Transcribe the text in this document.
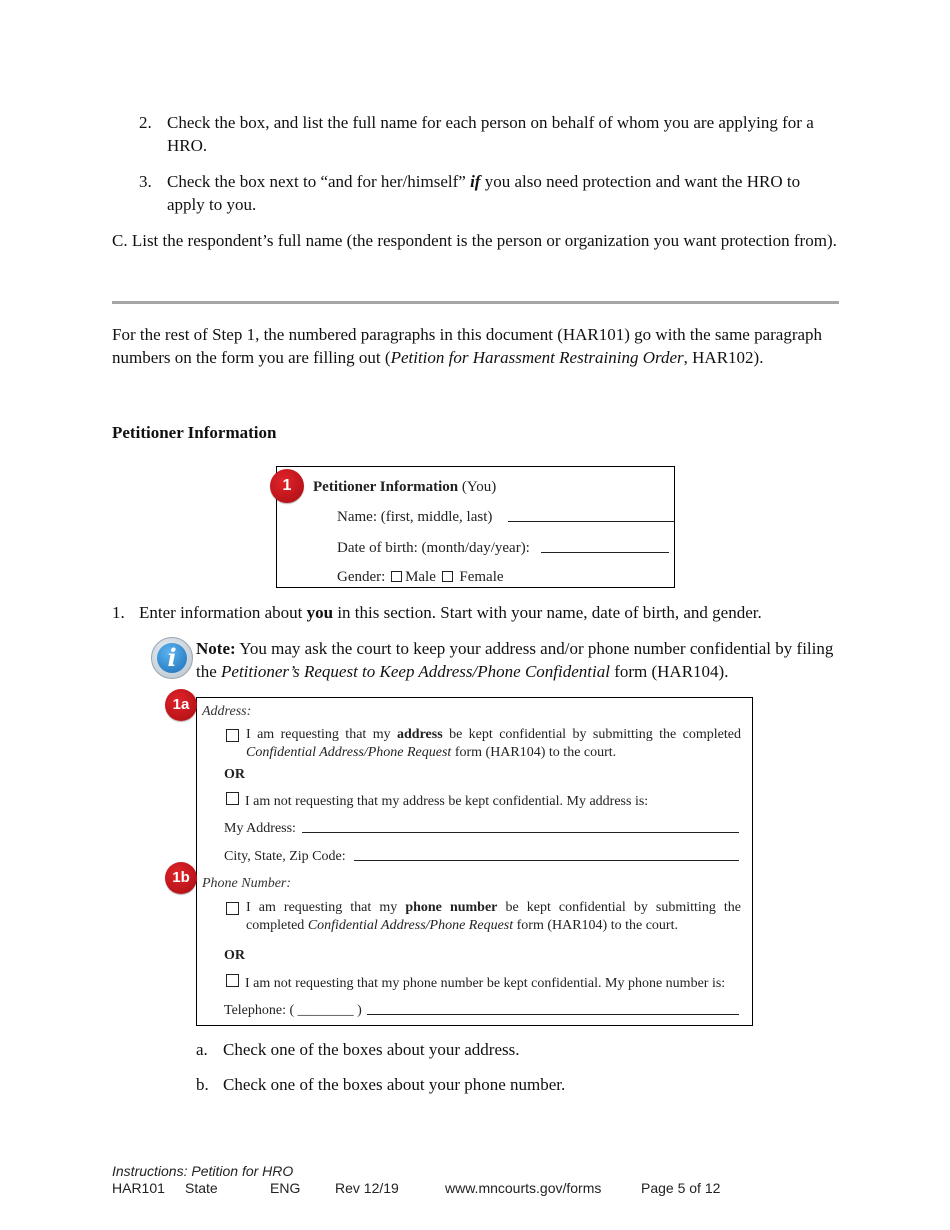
2. Check the box, and list the full name for each person on behalf of whom you are applying for a HRO.
3. Check the box next to “and for her/himself” if you also need protection and want the HRO to apply to you.
C. List the respondent’s full name (the respondent is the person or organization you want protection from).
For the rest of Step 1, the numbered paragraphs in this document (HAR101) go with the same paragraph numbers on the form you are filling out (Petition for Harassment Restraining Order, HAR102).
Petitioner Information
Petitioner Information (You)
Name: (first, middle, last)
Date of birth: (month/day/year):
Gender: Male Female
1
1. Enter information about you in this section. Start with your name, date of birth, and gender.
i	Note: You may ask the court to keep your address and/or phone number confidential by filing the Petitioner’s Request to Keep Address/Phone Confidential form (HAR104).
Address:
I am requesting that my address be kept confidential by submitting the completed Confidential Address/Phone Request form (HAR104) to the court.
OR
I am not requesting that my address be kept confidential. My address is:
My Address:
City, State, Zip Code:
Phone Number:
I am requesting that my phone number be kept confidential by submitting the completed Confidential Address/Phone Request form (HAR104) to the court.
OR
I am not requesting that my phone number be kept confidential. My phone number is:
Telephone: ( ________ )
1a
1b
a. Check one of the boxes about your address.
b. Check one of the boxes about your phone number.
Instructions: Petition for HRO
HAR101 State	ENG Rev 12/19	www.mncourts.gov/forms	Page 5 of 12
